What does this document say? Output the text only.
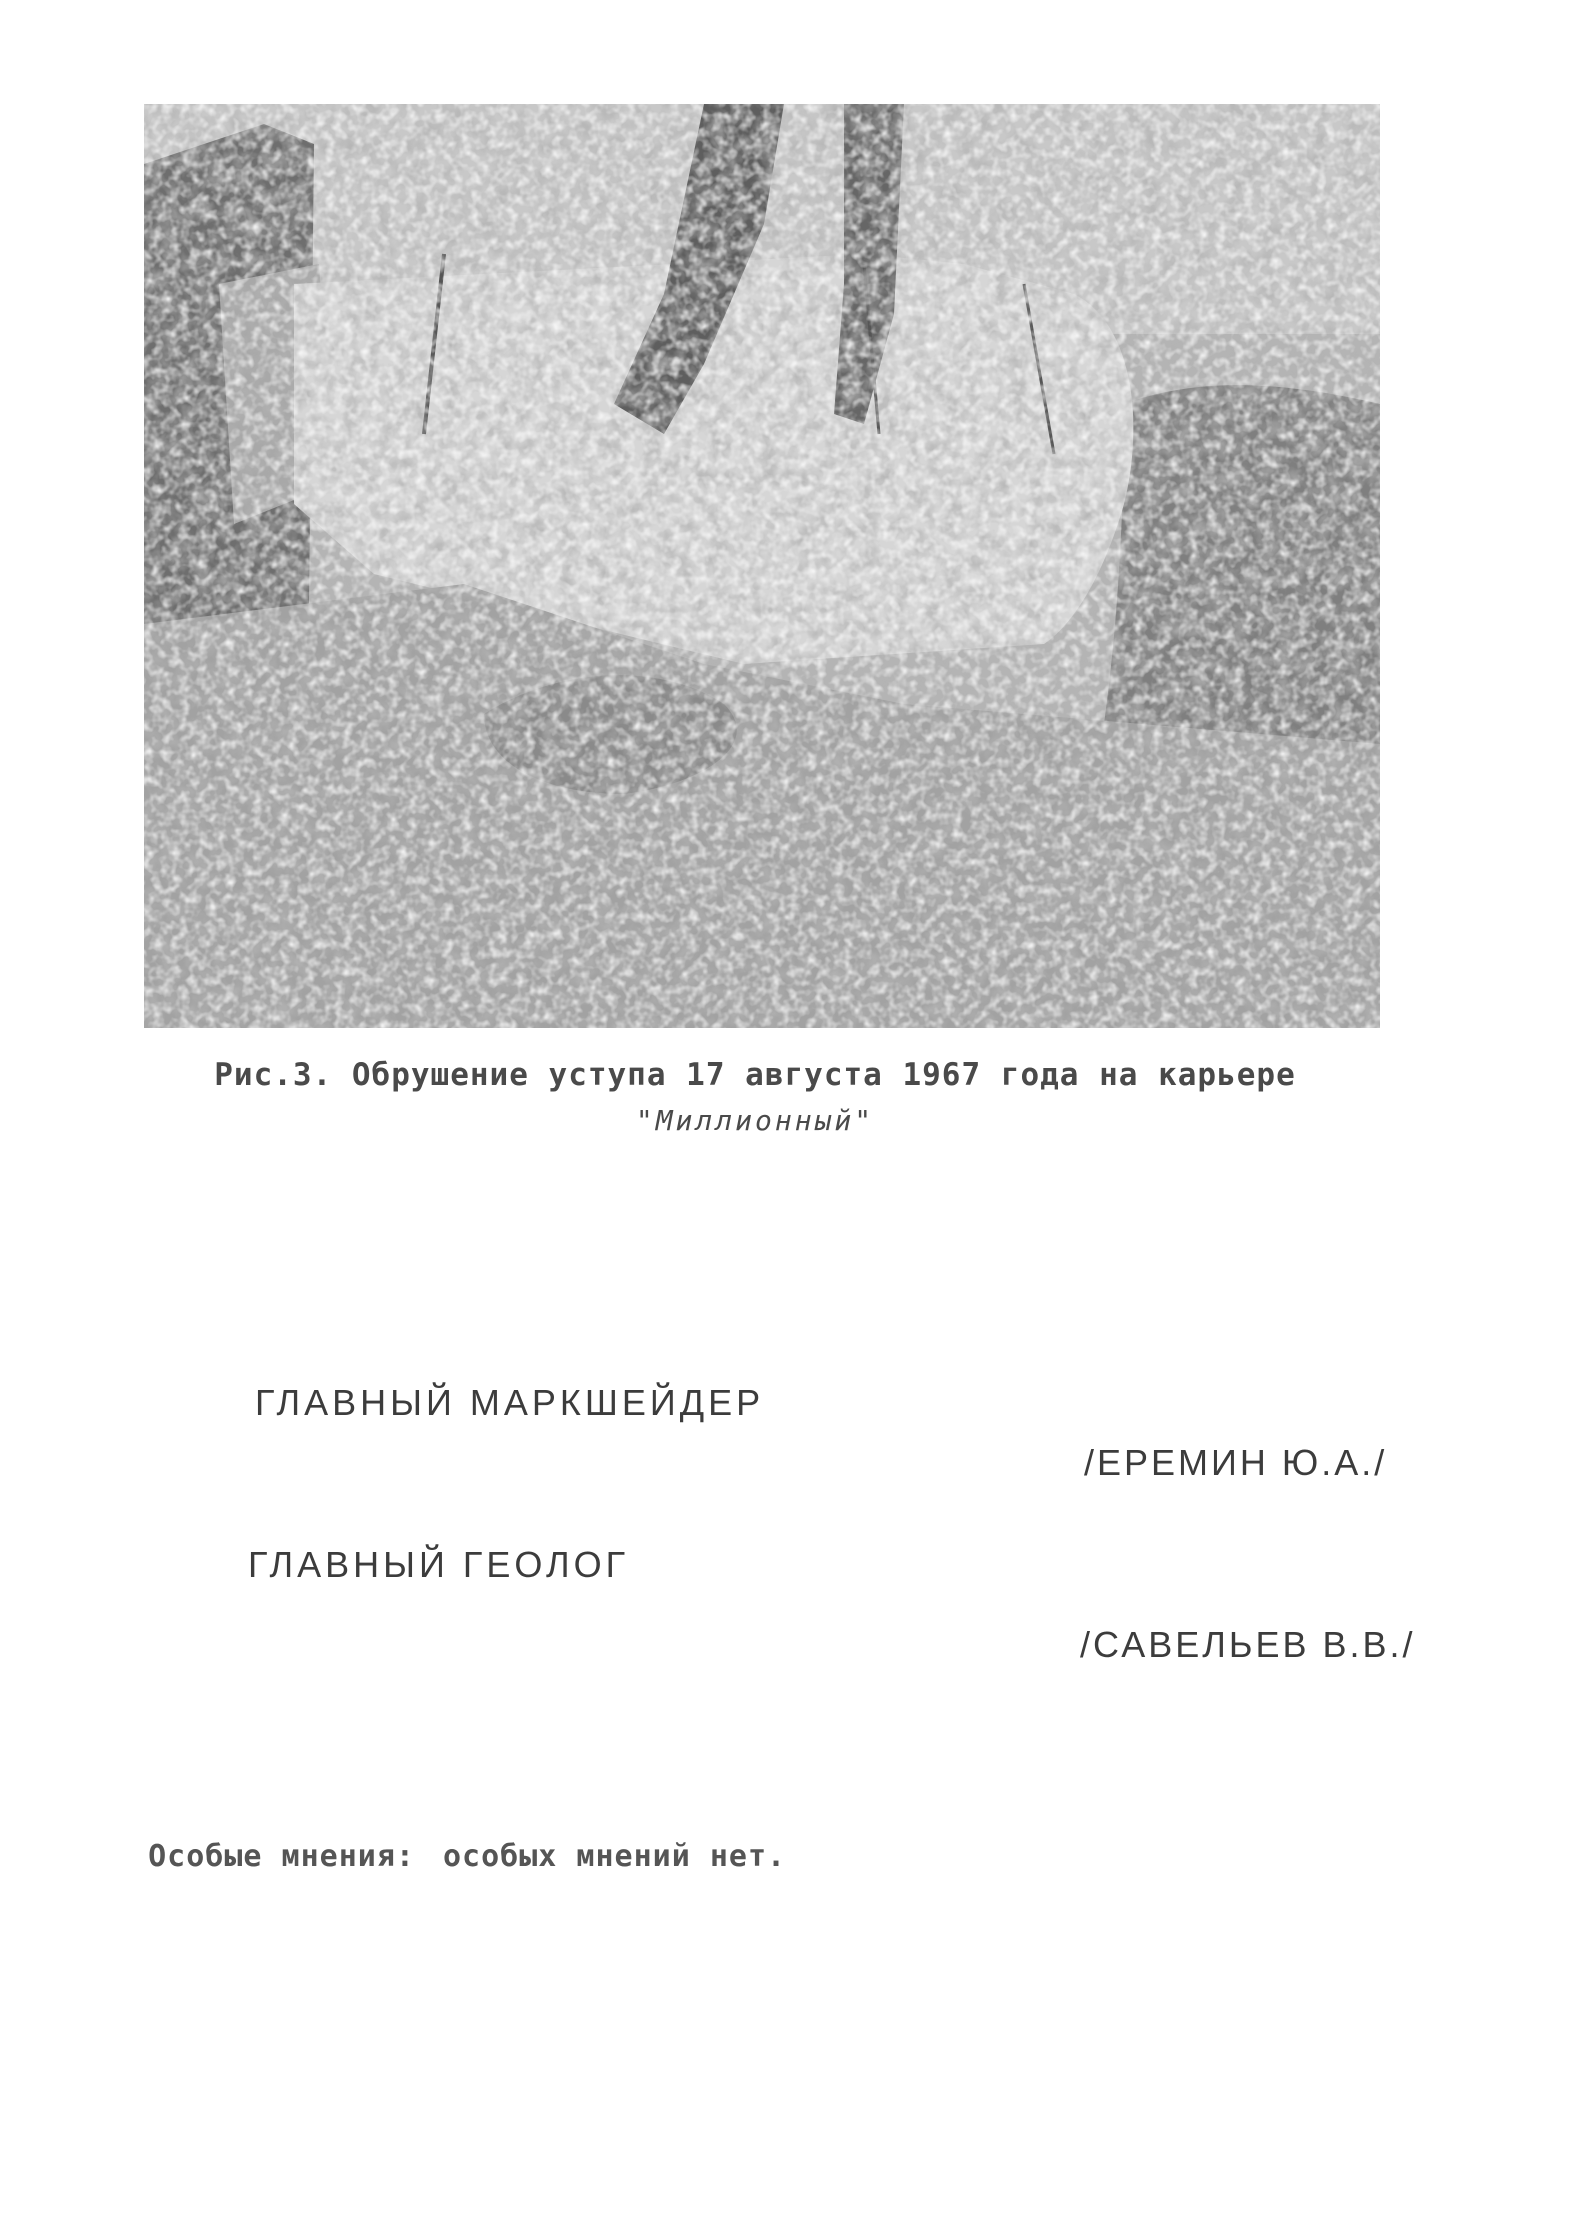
Рис.3. Обрушение уступа 17 августа 1967 года на карьере
"Миллионный"
ГЛАВНЫЙ МАРКШЕЙДЕР
/ЕРЕМИН Ю.А./
ГЛАВНЫЙ ГЕОЛОГ
/САВЕЛЬЕВ В.В./

Особые мнения: особых мнений нет.
